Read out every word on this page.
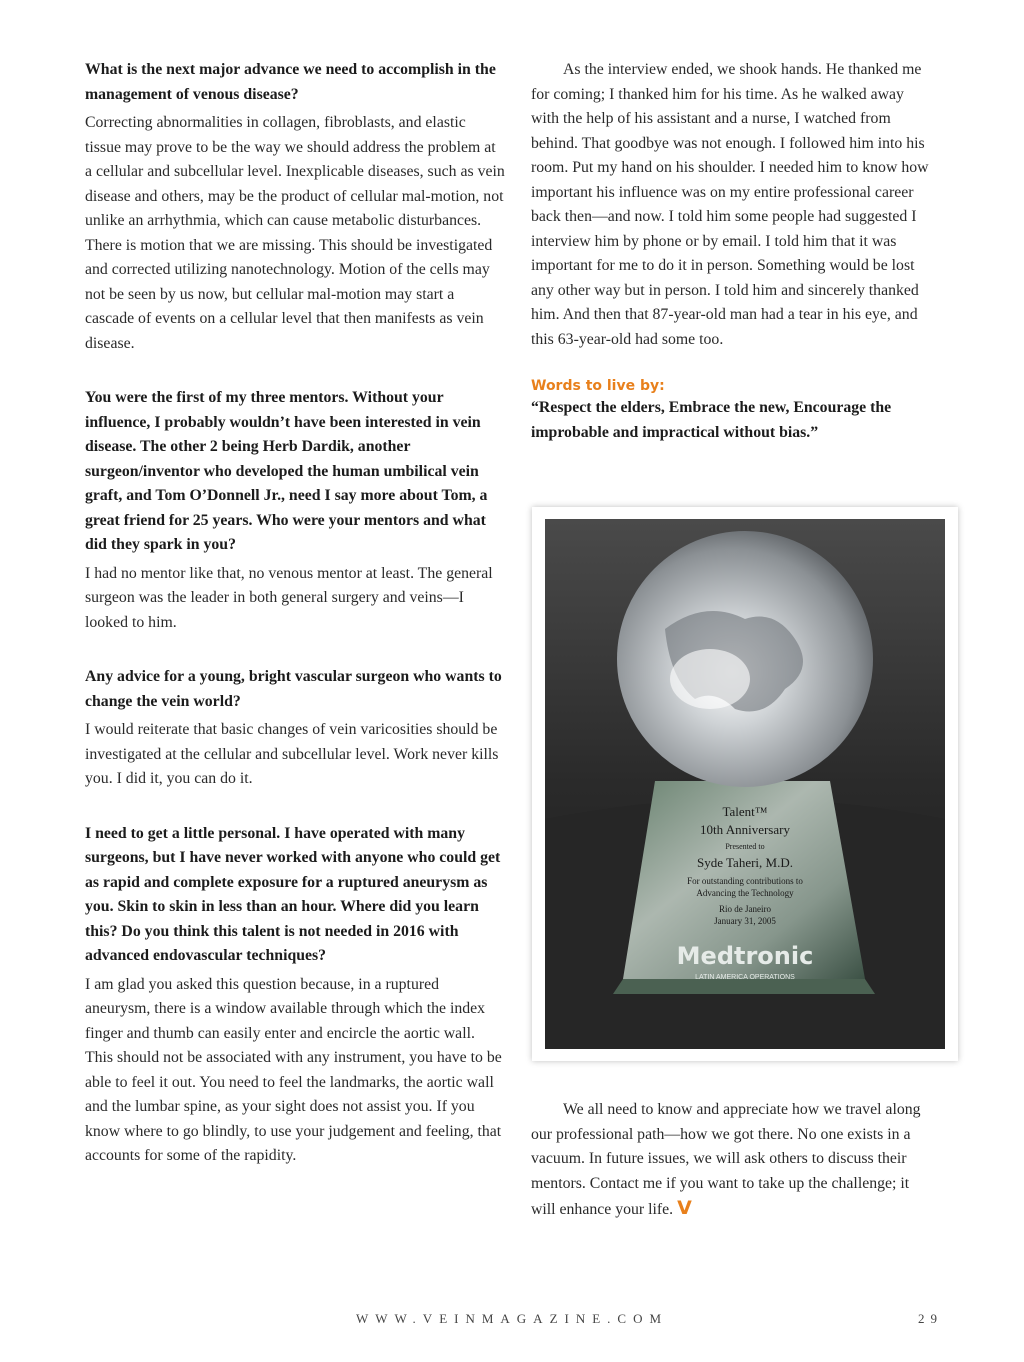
What is the next major advance we need to accomplish in the management of venous disease?

Correcting abnormalities in collagen, fibroblasts, and elastic tissue may prove to be the way we should address the problem at a cellular and subcellular level. Inexplicable diseases, such as vein disease and others, may be the product of cellular mal-motion, not unlike an arrhythmia, which can cause metabolic disturbances. There is motion that we are missing. This should be investigated and corrected utilizing nanotechnology. Motion of the cells may not be seen by us now, but cellular mal-motion may start a cascade of events on a cellular level that then manifests as vein disease.

You were the first of my three mentors. Without your influence, I probably wouldn’t have been interested in vein disease. The other 2 being Herb Dardik, another surgeon/inventor who developed the human umbilical vein graft, and Tom O’Donnell Jr., need I say more about Tom, a great friend for 25 years. Who were your mentors and what did they spark in you?

I had no mentor like that, no venous mentor at least. The general surgeon was the leader in both general surgery and veins—I looked to him.

Any advice for a young, bright vascular surgeon who wants to change the vein world?

I would reiterate that basic changes of vein varicosities should be investigated at the cellular and subcellular level. Work never kills you. I did it, you can do it.

I need to get a little personal. I have operated with many surgeons, but I have never worked with anyone who could get as rapid and complete exposure for a ruptured aneurysm as you. Skin to skin in less than an hour. Where did you learn this? Do you think this talent is not needed in 2016 with advanced endovascular techniques?

I am glad you asked this question because, in a ruptured aneurysm, there is a window available through which the index finger and thumb can easily enter and encircle the aortic wall. This should not be associated with any instrument, you have to be able to feel it out. You need to feel the landmarks, the aortic wall and the lumbar spine, as your sight does not assist you. If you know where to go blindly, to use your judgement and feeling, that accounts for some of the rapidity.

As the interview ended, we shook hands. He thanked me for coming; I thanked him for his time. As he walked away with the help of his assistant and a nurse, I watched from behind. That goodbye was not enough. I followed him into his room. Put my hand on his shoulder. I needed him to know how important his influence was on my entire professional career back then—and now. I told him some people had suggested I interview him by phone or by email. I told him that it was important for me to do it in person. Something would be lost any other way but in person. I told him and sincerely thanked him. And then that 87-year-old man had a tear in his eye, and this 63-year-old had some too.

Words to live by:

“Respect the elders, Embrace the new, Encourage the improbable and impractical without bias.”

Talent™
10th Anniversary
Presented to
Syde Taheri, M.D.
For outstanding contributions to
Advancing the Technology
Rio de Janeiro
January 31, 2005
Medtronic
LATIN AMERICA OPERATIONS

We all need to know and appreciate how we travel along our professional path—how we got there. No one exists in a vacuum. In future issues, we will ask others to discuss their mentors. Contact me if you want to take up the challenge; it will enhance your life. V

WWW.VEINMAGAZINE.COM	29
